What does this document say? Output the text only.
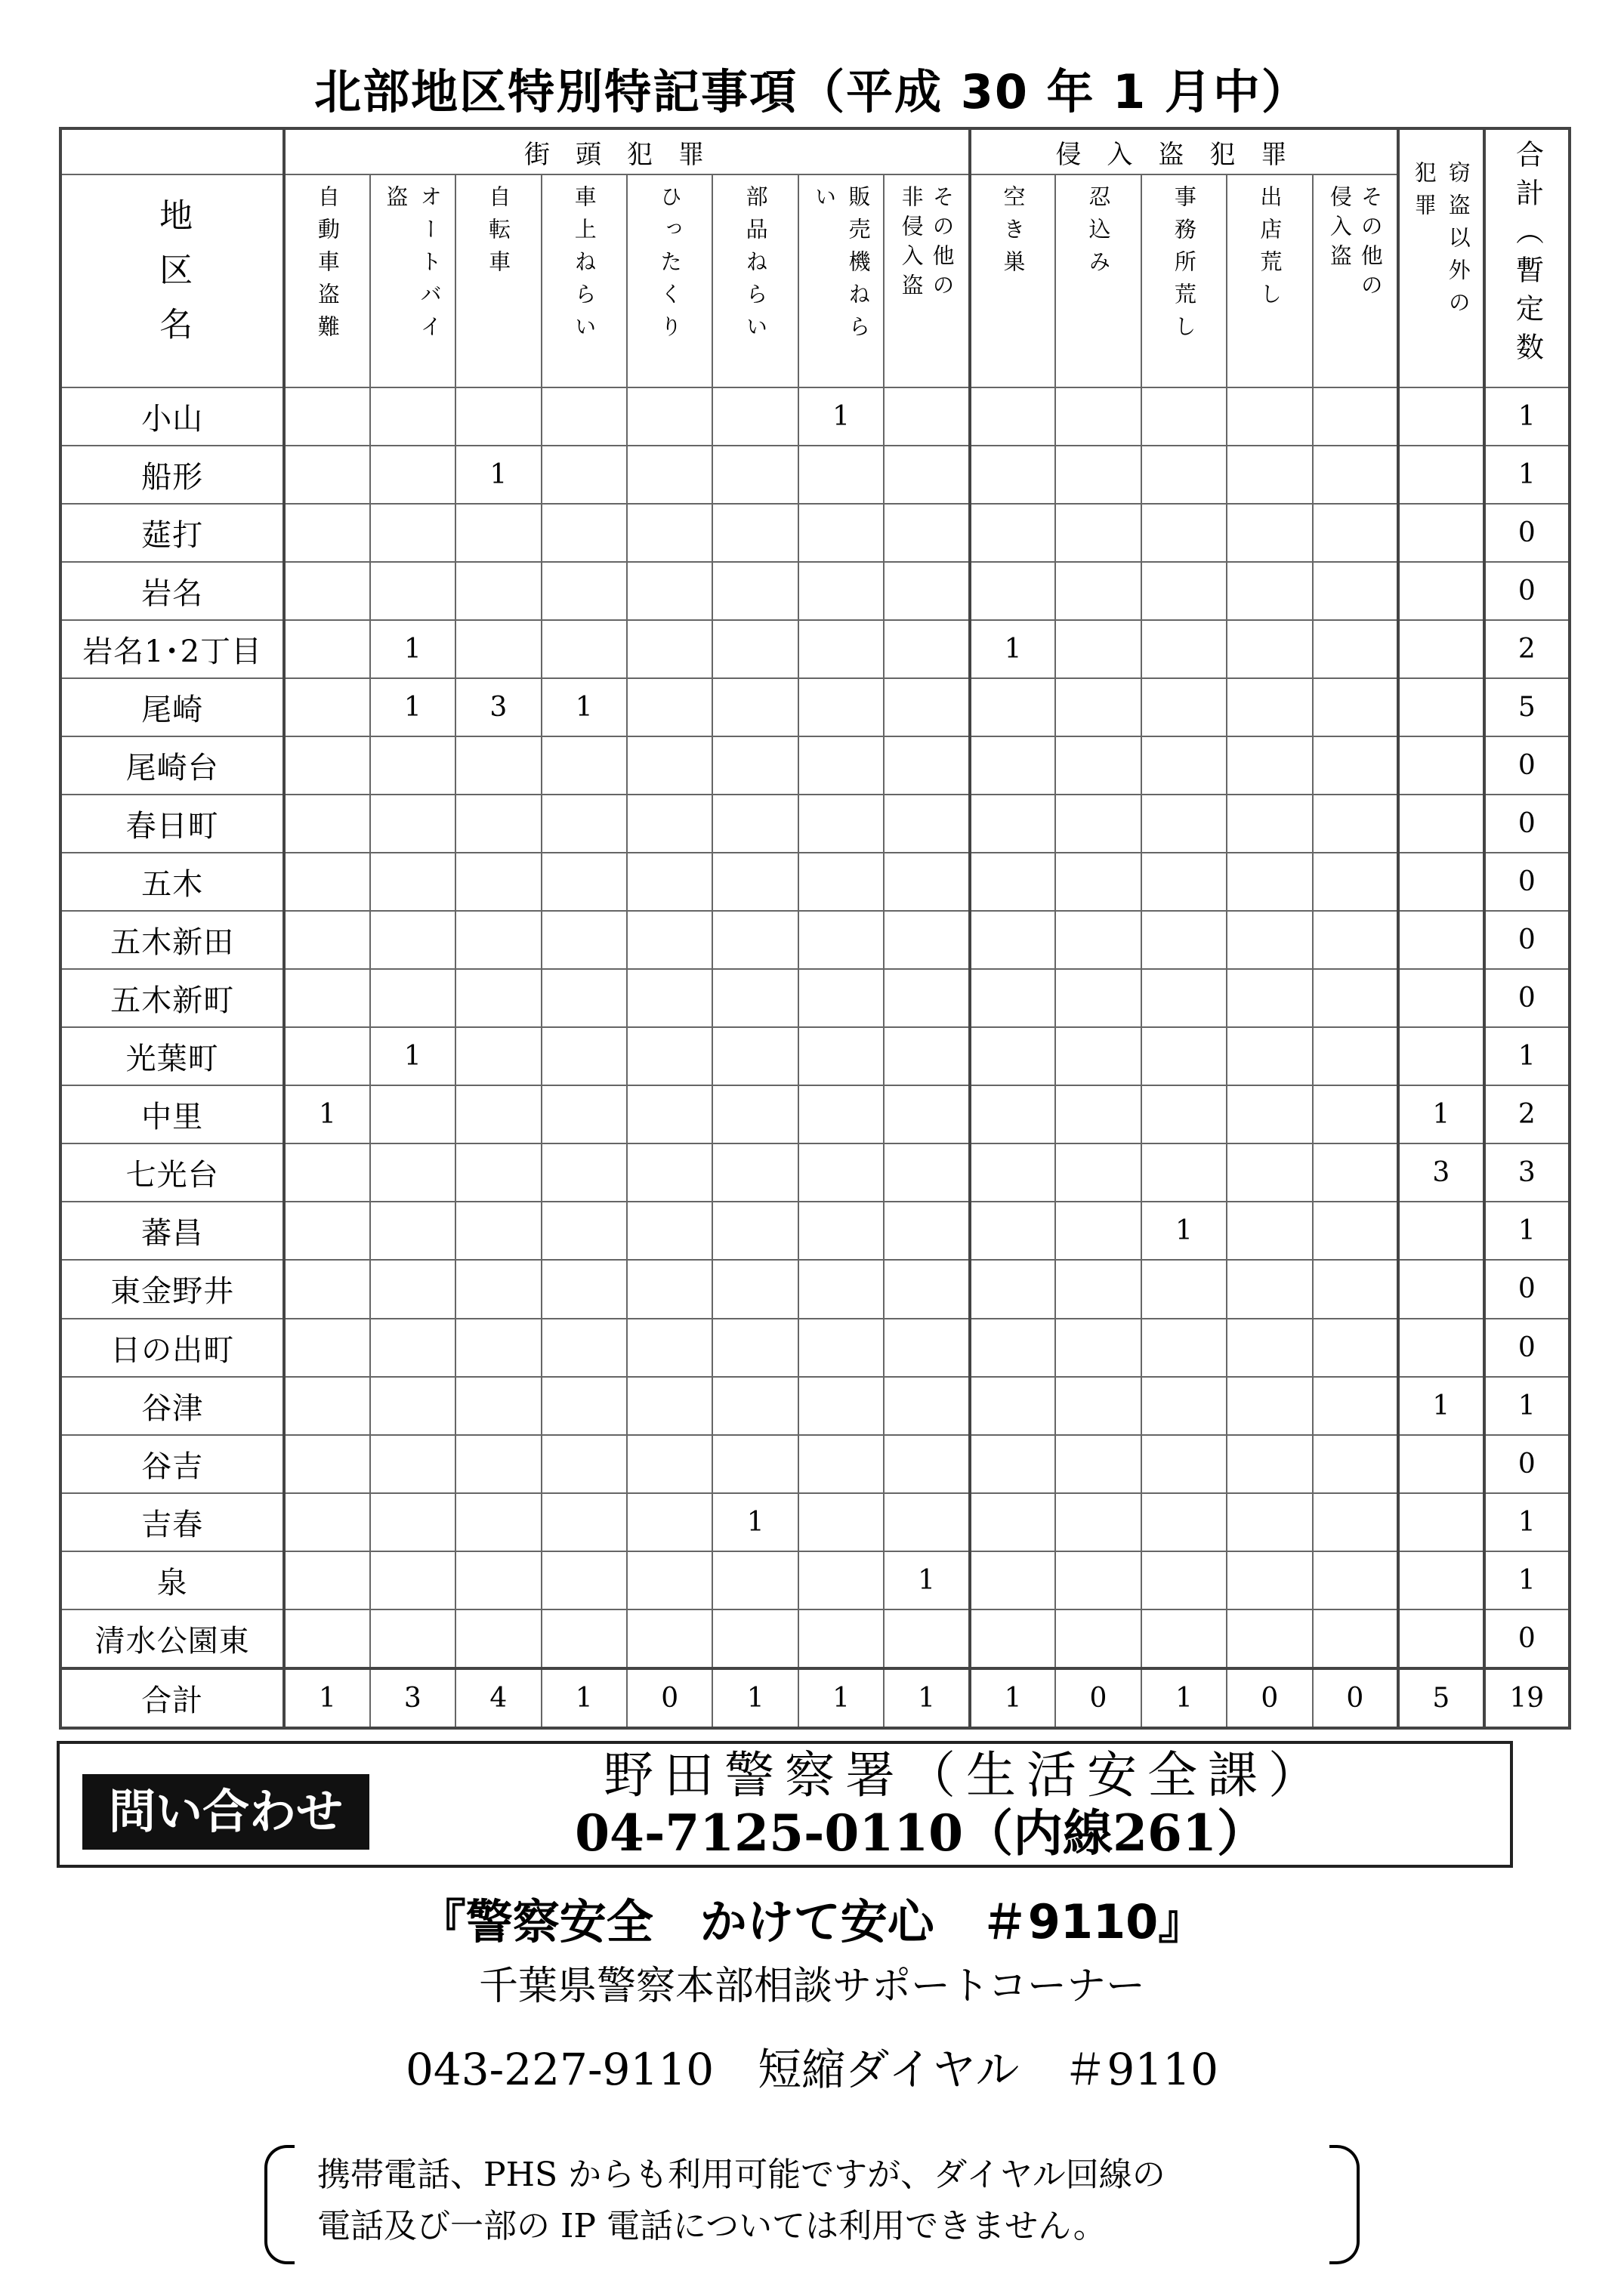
北部地区特別特記事項（平成 30 年 1 月中）
	街頭犯罪								侵入盗犯罪					窃盗以外の犯罪	合計（暫定数
地区名	自動車盗難	オートバイ盗	自転車	車上ねらい	ひったくり	部品ねらい	販売機ねらい	非侵入盗 その他の	空き巣	忍込み	事務所荒し	出店荒し	侵入盗 その他の		
小山							1								1
船形			1												1
莚打															0
岩名															0
岩名1･2丁目		1							1						2
尾崎		1	3	1											5
尾崎台															0
春日町															0
五木															0
五木新田															0
五木新町															0
光葉町		1													1
中里	1													1	2
七光台														3	3
蕃昌											1				1
東金野井															0
日の出町															0
谷津														1	1
谷吉															0
吉春						1									1
泉								1							1
清水公園東															0
合計	1	3	4	1	0	1	1	1	1	0	1	0	0	5	19
問い合わせ
野田警察署（生活安全課）
04-7125-0110（内線261）
『警察安全　かけて安心　＃9110』
千葉県警察本部相談サポートコーナー
043-227-9110　短縮ダイヤル　＃9110
携帯電話、PHS からも利用可能ですが、ダイヤル回線の
電話及び一部の IP 電話については利用できません。
